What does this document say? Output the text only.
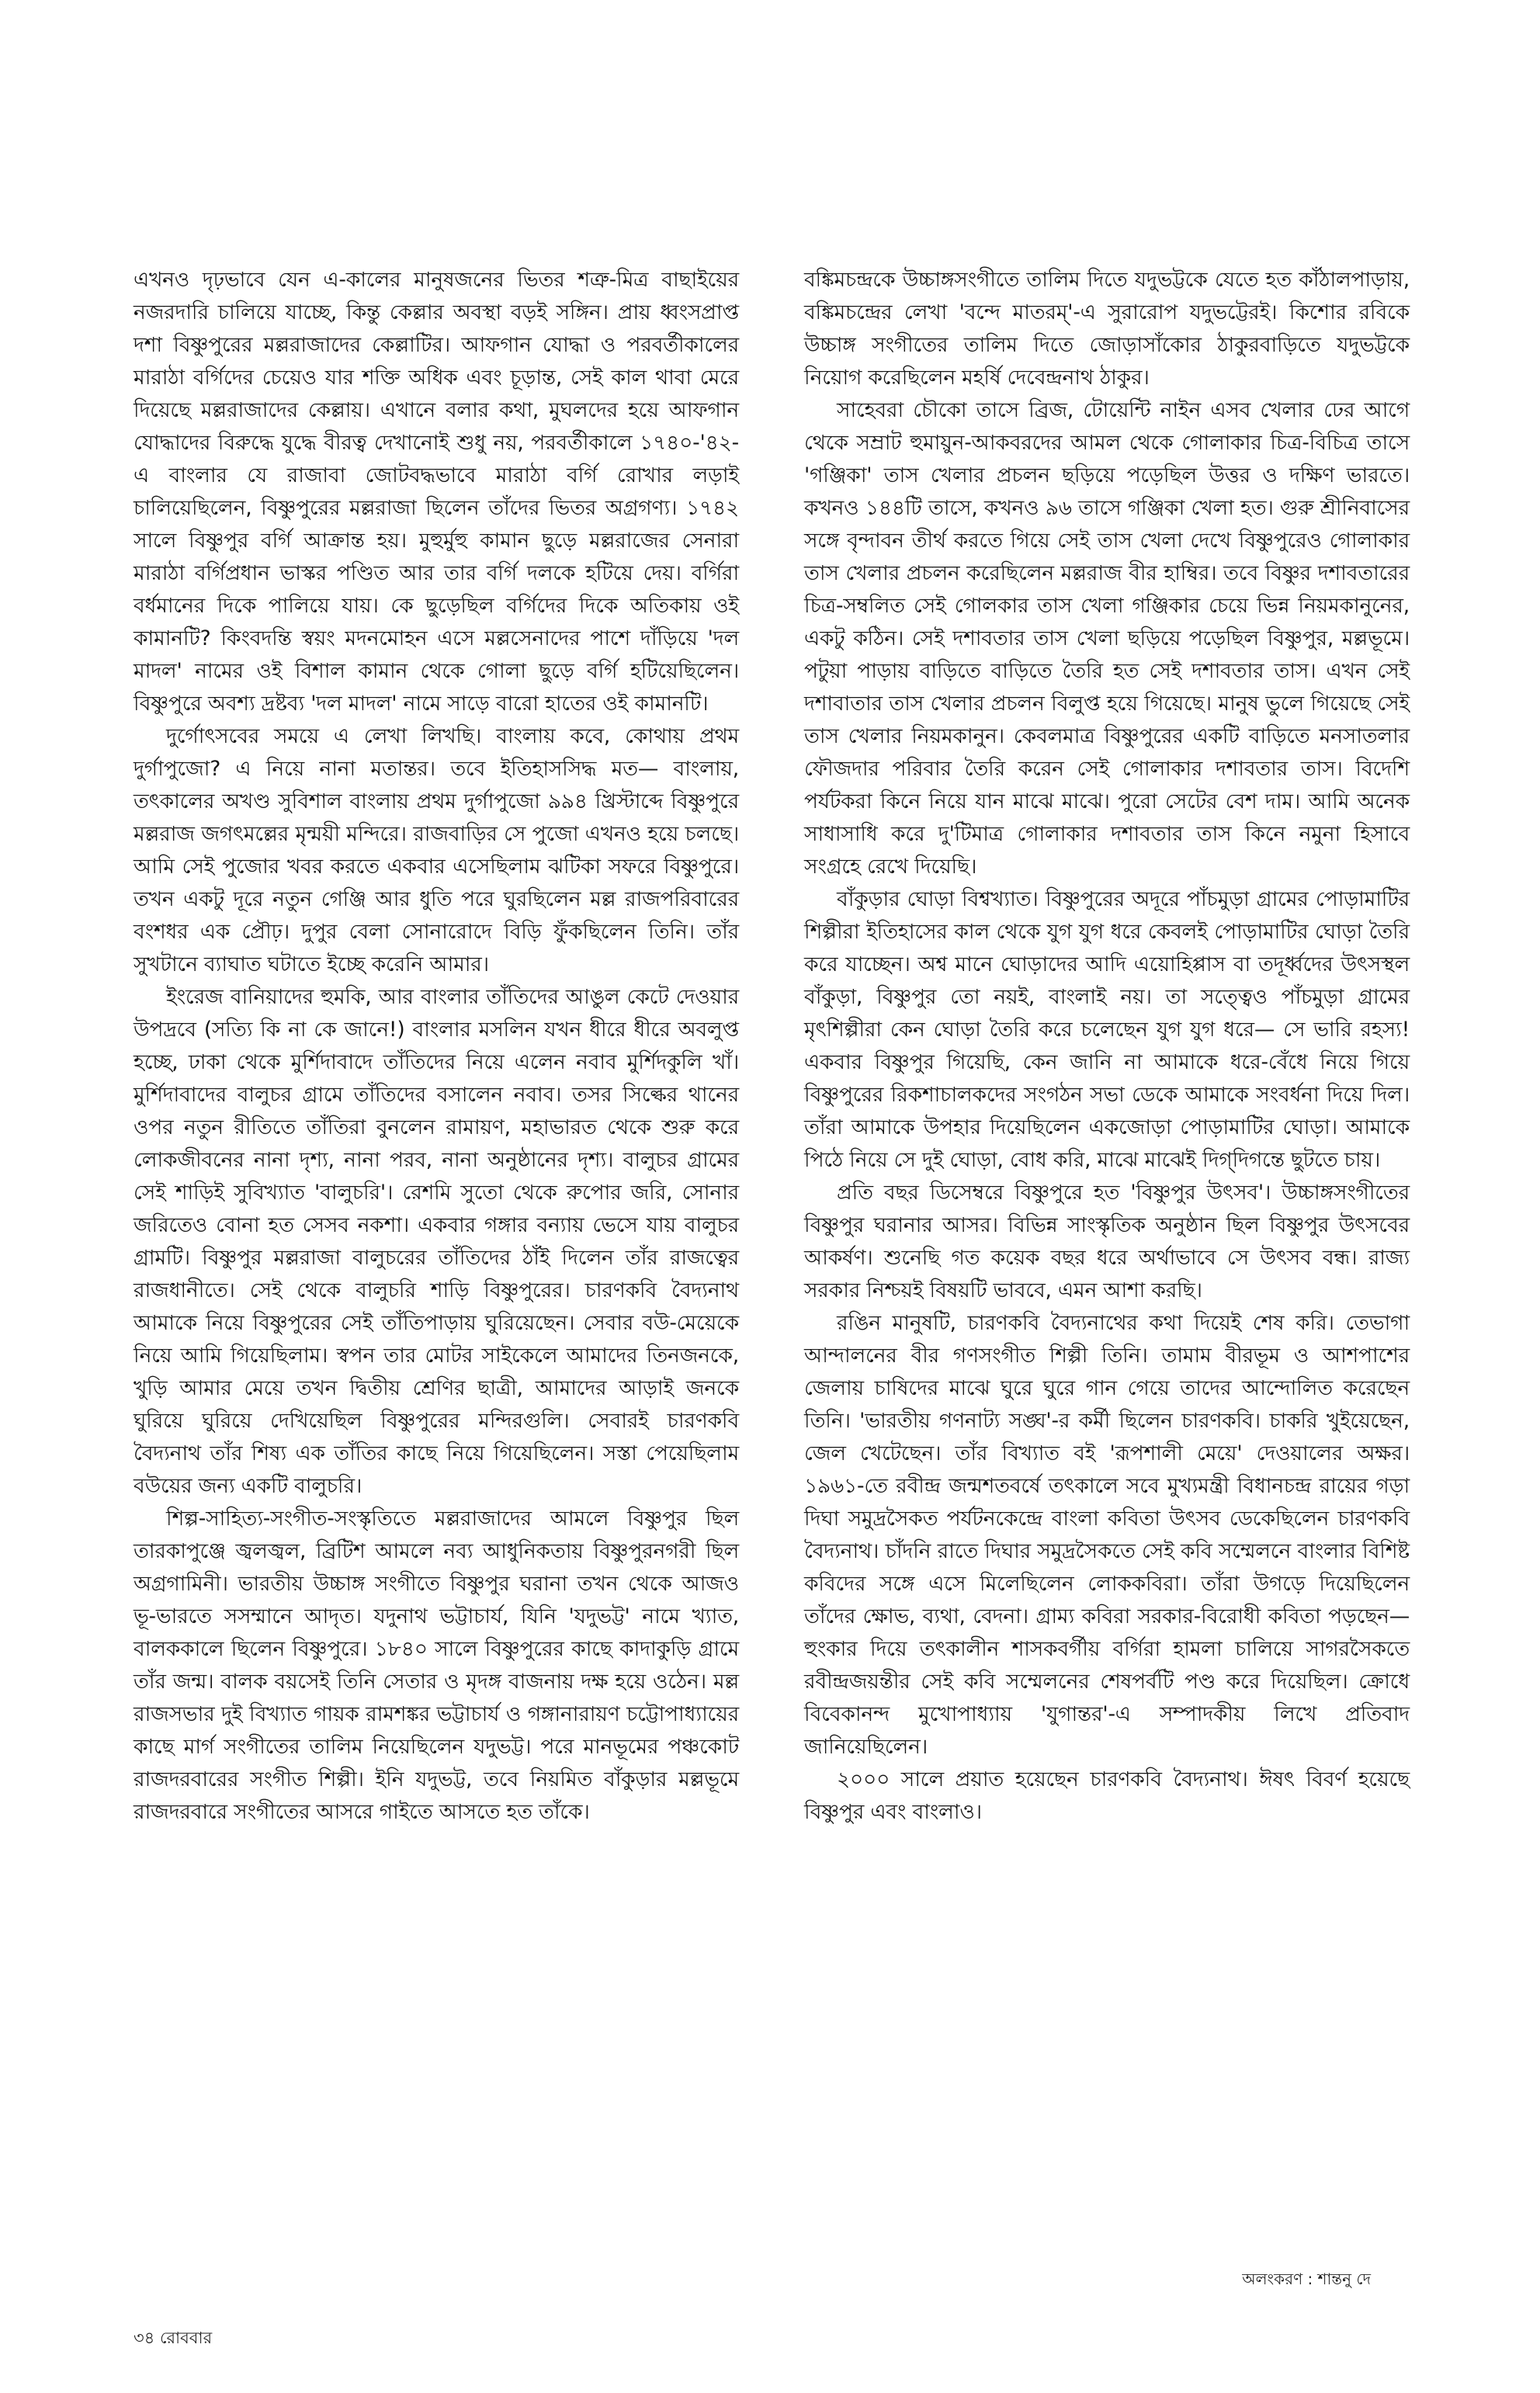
এখনও দৃঢ়ভাবে যেন এ-কালের মানুষজনের ভিতর শত্রু-মিত্র বাছাইয়ের নজরদারি চালিয়ে যাচ্ছে, কিন্তু কেল্লার অবস্থা বড়ই সঙ্গিন। প্রায় ধ্বংসপ্রাপ্ত দশা বিষ্ণুপুরের মল্লরাজাদের কেল্লাটির। আফগান যোদ্ধা ও পরবর্তীকালের মারাঠা বর্গিদের চেয়েও যার শক্তি অধিক এবং চূড়ান্ত, সেই কাল থাবা মেরে দিয়েছে মল্লরাজাদের কেল্লায়। এখানে বলার কথা, মুঘলদের হয়ে আফগান যোদ্ধাদের বিরুদ্ধে যুদ্ধে বীরত্ব দেখানোই শুধু নয়, পরবর্তীকালে ১৭৪০-'৪২-এ বাংলার যে রাজাবা জোটবদ্ধভাবে মারাঠা বর্গি রোখার লড়াই চালিয়েছিলেন, বিষ্ণুপুরের মল্লরাজা ছিলেন তাঁদের ভিতর অগ্রগণ্য। ১৭৪২ সালে বিষ্ণুপুর বর্গি আক্রান্ত হয়। মুহুর্মুহু কামান ছুড়ে মল্লরাজের সেনারা মারাঠা বর্গিপ্রধান ভাস্কর পণ্ডিত আর তার বর্গি দলকে হটিয়ে দেয়। বর্গিরা বর্ধমানের দিকে পালিয়ে যায়। কে ছুড়েছিল বর্গিদের দিকে অতিকায় ওই কামানটি? কিংবদন্তি স্বয়ং মদনমোহন এসে মল্লসেনাদের পাশে দাঁড়িয়ে 'দল মাদল' নামের ওই বিশাল কামান থেকে গোলা ছুড়ে বর্গি হটিয়েছিলেন। বিষ্ণুপুরে অবশ্য দ্রষ্টব্য 'দল মাদল' নামে সাড়ে বারো হাতের ওই কামানটি।

দুর্গোৎসবের সময়ে এ লেখা লিখছি। বাংলায় কবে, কোথায় প্রথম দুর্গাপুজো? এ নিয়ে নানা মতান্তর। তবে ইতিহাসসিদ্ধ মত— বাংলায়, তৎকালের অখণ্ড সুবিশাল বাংলায় প্রথম দুর্গাপুজো ৯৯৪ খ্রিস্টাব্দে বিষ্ণুপুরে মল্লরাজ জগৎমল্লের মৃন্ময়ী মন্দিরে। রাজবাড়ির সে পুজো এখনও হয়ে চলছে। আমি সেই পুজোর খবর করতে একবার এসেছিলাম ঝটিকা সফরে বিষ্ণুপুরে। তখন একটু দূরে নতুন গেঞ্জি আর ধুতি পরে ঘুরছিলেন মল্ল রাজপরিবারের বংশধর এক প্রৌঢ়। দুপুর বেলা সোনারোদে বিড়ি ফুঁকছিলেন তিনি। তাঁর সুখটানে ব্যাঘাত ঘটাতে ইচ্ছে করেনি আমার।

ইংরেজ বানিয়াদের হুমকি, আর বাংলার তাঁতিদের আঙুল কেটে দেওয়ার উপদ্রবে (সত্যি কি না কে জানে!) বাংলার মসলিন যখন ধীরে ধীরে অবলুপ্ত হচ্ছে, ঢাকা থেকে মুর্শিদাবাদে তাঁতিদের নিয়ে এলেন নবাব মুর্শিদকুলি খাঁ। মুর্শিদাবাদের বালুচর গ্রামে তাঁতিদের বসালেন নবাব। তসর সিল্কের থানের ওপর নতুন রীতিতে তাঁতিরা বুনলেন রামায়ণ, মহাভারত থেকে শুরু করে লোকজীবনের নানা দৃশ্য, নানা পরব, নানা অনুষ্ঠানের দৃশ্য। বালুচর গ্রামের সেই শাড়িই সুবিখ্যাত 'বালুচরি'। রেশমি সুতো থেকে রুপোর জরি, সোনার জরিতেও বোনা হত সেসব নকশা। একবার গঙ্গার বন্যায় ভেসে যায় বালুচর গ্রামটি। বিষ্ণুপুর মল্লরাজা বালুচরের তাঁতিদের ঠাঁই দিলেন তাঁর রাজত্বের রাজধানীতে। সেই থেকে বালুচরি শাড়ি বিষ্ণুপুরের। চারণকবি বৈদ্যনাথ আমাকে নিয়ে বিষ্ণুপুরের সেই তাঁতিপাড়ায় ঘুরিয়েছেন। সেবার বউ-মেয়েকে নিয়ে আমি গিয়েছিলাম। স্বপন তার মোটর সাইকেলে আমাদের তিনজনকে, খুড়ি আমার মেয়ে তখন দ্বিতীয় শ্রেণির ছাত্রী, আমাদের আড়াই জনকে ঘুরিয়ে ঘুরিয়ে দেখিয়েছিল বিষ্ণুপুরের মন্দিরগুলি। সেবারই চারণকবি বৈদ্যনাথ তাঁর শিষ্য এক তাঁতির কাছে নিয়ে গিয়েছিলেন। সস্তা পেয়েছিলাম বউয়ের জন্য একটি বালুচরি।

শিল্প-সাহিত্য-সংগীত-সংস্কৃতিতে মল্লরাজাদের আমলে বিষ্ণুপুর ছিল তারকাপুঞ্জে জ্বলজ্বল, ব্রিটিশ আমলে নব্য আধুনিকতায় বিষ্ণুপুরনগরী ছিল অগ্রগামিনী। ভারতীয় উচ্চাঙ্গ সংগীতে বিষ্ণুপুর ঘরানা তখন থেকে আজও ভূ-ভারতে সসম্মানে আদৃত। যদুনাথ ভট্টাচার্য, যিনি 'যদুভট্ট' নামে খ্যাত, বালককালে ছিলেন বিষ্ণুপুরে। ১৮৪০ সালে বিষ্ণুপুরের কাছে কাদাকুড়ি গ্রামে তাঁর জন্ম। বালক বয়সেই তিনি সেতার ও মৃদঙ্গ বাজনায় দক্ষ হয়ে ওঠেন। মল্ল রাজসভার দুই বিখ্যাত গায়ক রামশঙ্কর ভট্টাচার্য ও গঙ্গানারায়ণ চট্টোপাধ্যায়ের কাছে মার্গ সংগীতের তালিম নিয়েছিলেন যদুভট্ট। পরে মানভূমের পঞ্চকোট রাজদরবারের সংগীত শিল্পী। ইনি যদুভট্ট, তবে নিয়মিত বাঁকুড়ার মল্লভূমে রাজদরবারে সংগীতের আসরে গাইতে আসতে হত তাঁকে।

বঙ্কিমচন্দ্রকে উচ্চাঙ্গসংগীতে তালিম দিতে যদুভট্টকে যেতে হত কাঁঠালপাড়ায়, বঙ্কিমচন্দ্রের লেখা 'বন্দে মাতরম্'-এ সুরারোপ যদুভট্টেরই। কিশোর রবিকে উচ্চাঙ্গ সংগীতের তালিম দিতে জোড়াসাঁকোর ঠাকুরবাড়িতে যদুভট্টকে নিয়োগ করেছিলেন মহর্ষি দেবেন্দ্রনাথ ঠাকুর।

সাহেবরা চৌকো তাসে ব্রিজ, টোয়েন্টি নাইন এসব খেলার ঢের আগে থেকে সম্রাট হুমায়ুন-আকবরদের আমল থেকে গোলাকার চিত্র-বিচিত্র তাসে 'গঞ্জিকা' তাস খেলার প্রচলন ছড়িয়ে পড়েছিল উত্তর ও দক্ষিণ ভারতে। কখনও ১৪৪টি তাসে, কখনও ৯৬ তাসে গঞ্জিকা খেলা হত। গুরু শ্রীনিবাসের সঙ্গে বৃন্দাবন তীর্থ করতে গিয়ে সেই তাস খেলা দেখে বিষ্ণুপুরেও গোলাকার তাস খেলার প্রচলন করেছিলেন মল্লরাজ বীর হাম্বির। তবে বিষ্ণুর দশাবতারের চিত্র-সম্বলিত সেই গোলকার তাস খেলা গঞ্জিকার চেয়ে ভিন্ন নিয়মকানুনের, একটু কঠিন। সেই দশাবতার তাস খেলা ছড়িয়ে পড়েছিল বিষ্ণুপুর, মল্লভূমে। পটুয়া পাড়ায় বাড়িতে বাড়িতে তৈরি হত সেই দশাবতার তাস। এখন সেই দশাবাতার তাস খেলার প্রচলন বিলুপ্ত হয়ে গিয়েছে। মানুষ ভুলে গিয়েছে সেই তাস খেলার নিয়মকানুন। কেবলমাত্র বিষ্ণুপুরের একটি বাড়িতে মনসাতলার ফৌজদার পরিবার তৈরি করেন সেই গোলাকার দশাবতার তাস। বিদেশি পর্যটকরা কিনে নিয়ে যান মাঝে মাঝে। পুরো সেটের বেশ দাম। আমি অনেক সাধাসাধি করে দু'টিমাত্র গোলাকার দশাবতার তাস কিনে নমুনা হিসাবে সংগ্রহে রেখে দিয়েছি।

বাঁকুড়ার ঘোড়া বিশ্বখ্যাত। বিষ্ণুপুরের অদূরে পাঁচমুড়া গ্রামের পোড়ামাটির শিল্পীরা ইতিহাসের কাল থেকে যুগ যুগ ধরে কেবলই পোড়ামাটির ঘোড়া তৈরি করে যাচ্ছেন। অশ্ব মানে ঘোড়াদের আদি এয়োহিপ্পাস বা তদূর্ধ্বদের উৎসস্থল বাঁকুড়া, বিষ্ণুপুর তো নয়ই, বাংলাই নয়। তা সত্ত্বেও পাঁচমুড়া গ্রামের মৃৎশিল্পীরা কেন ঘোড়া তৈরি করে চলেছেন যুগ যুগ ধরে— সে ভারি রহস্য! একবার বিষ্ণুপুর গিয়েছি, কেন জানি না আমাকে ধরে-বেঁধে নিয়ে গিয়ে বিষ্ণুপুরের রিকশাচালকদের সংগঠন সভা ডেকে আমাকে সংবর্ধনা দিয়ে দিল। তাঁরা আমাকে উপহার দিয়েছিলেন একজোড়া পোড়ামাটির ঘোড়া। আমাকে পিঠে নিয়ে সে দুই ঘোড়া, বোধ করি, মাঝে মাঝেই দিগ্‌দিগন্তে ছুটতে চায়।

প্রতি বছর ডিসেম্বরে বিষ্ণুপুরে হত 'বিষ্ণুপুর উৎসব'। উচ্চাঙ্গসংগীতের বিষ্ণুপুর ঘরানার আসর। বিভিন্ন সাংস্কৃতিক অনুষ্ঠান ছিল বিষ্ণুপুর উৎসবের আকর্ষণ। শুনেছি গত কয়েক বছর ধরে অর্থাভাবে সে উৎসব বন্ধ। রাজ্য সরকার নিশ্চয়ই বিষয়টি ভাববে, এমন আশা করছি।

রঙিন মানুষটি, চারণকবি বৈদ্যনাথের কথা দিয়েই শেষ করি। তেভাগা আন্দালনের বীর গণসংগীত শিল্পী তিনি। তামাম বীরভূম ও আশপাশের জেলায় চাষিদের মাঝে ঘুরে ঘুরে গান গেয়ে তাদের আন্দোলিত করেছেন তিনি। 'ভারতীয় গণনাট্য সঙ্ঘ'-র কর্মী ছিলেন চারণকবি। চাকরি খুইয়েছেন, জেল খেটেছেন। তাঁর বিখ্যাত বই 'রূপশালী মেয়ে' দেওয়ালের অক্ষর। ১৯৬১-তে রবীন্দ্র জন্মশতবর্ষে তৎকালে সবে মুখ্যমন্ত্রী বিধানচন্দ্র রায়ের গড়া দিঘা সমুদ্রসৈকত পর্যটনকেন্দ্রে বাংলা কবিতা উৎসব ডেকেছিলেন চারণকবি বৈদ্যনাথ। চাঁদনি রাতে দিঘার সমুদ্রসৈকতে সেই কবি সম্মেলনে বাংলার বিশিষ্ট কবিদের সঙ্গে এসে মিলেছিলেন লোককবিরা। তাঁরা উগড়ে দিয়েছিলেন তাঁদের ক্ষোভ, ব্যথা, বেদনা। গ্রাম্য কবিরা সরকার-বিরোধী কবিতা পড়ছেন— হুংকার দিয়ে তৎকালীন শাসকবর্গীয় বর্গিরা হামলা চালিয়ে সাগরসৈকতে রবীন্দ্রজয়ন্তীর সেই কবি সম্মেলনের শেষপর্বটি পণ্ড করে দিয়েছিল। ক্রোধে বিবেকানন্দ মুখোপাধ্যায় 'যুগান্তর'-এ সম্পাদকীয় লিখে প্রতিবাদ জানিয়েছিলেন।

২০০০ সালে প্রয়াত হয়েছেন চারণকবি বৈদ্যনাথ। ঈষৎ বিবর্ণ হয়েছে বিষ্ণুপুর এবং বাংলাও।

অলংকরণ : শান্তনু দে
৩৪ রোববার
